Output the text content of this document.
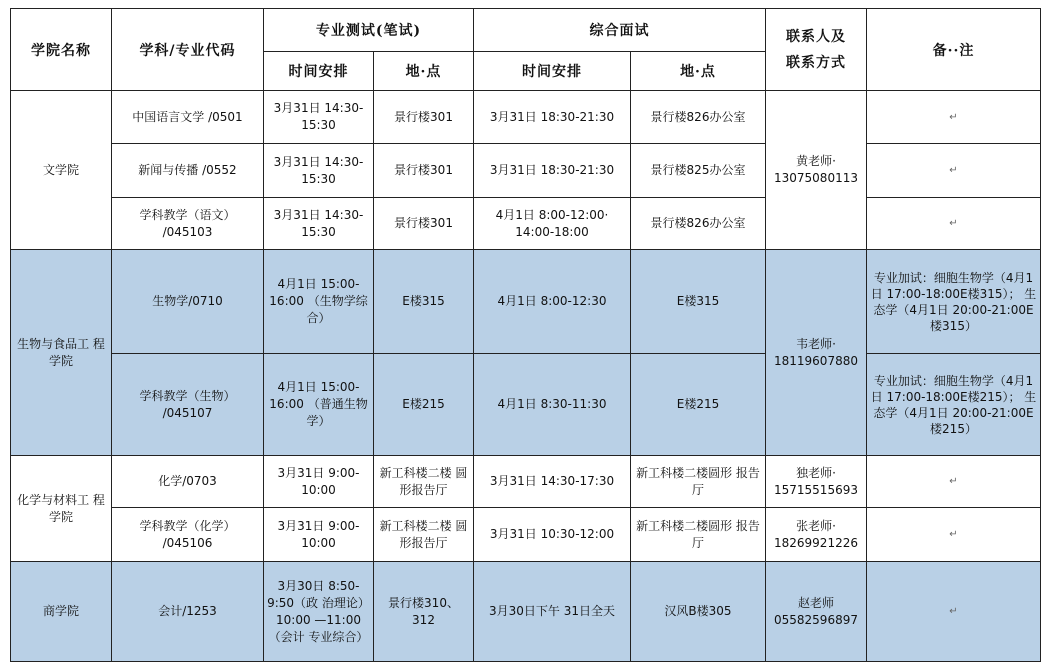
学院名称	学科/专业代码	专业测试(笔试)		综合面试		联系人及
联系方式	备··注
		时间安排	地·点	时间安排	地·点		
文学院	中国语言文学 /0501	3月31日 14:30-15:30	景行楼301	3月31日 18:30-21:30	景行楼826办公室	黄老师· 13075080113	↵
	新闻与传播 /0552	3月31日 14:30-15:30	景行楼301	3月31日 18:30-21:30	景行楼825办公室		↵
	学科教学（语文） /045103	3月31日 14:30-15:30	景行楼301	4月1日 8:00-12:00· 14:00-18:00	景行楼826办公室		↵
生物与食品工 程学院	生物学/0710	4月1日 15:00-16:00 （生物学综合）	E楼315	4月1日 8:00-12:30	E楼315	韦老师· 18119607880	专业加试：细胞生物学（4月1日 17:00-18:00E楼315）； 生态学（4月1日 20:00-21:00E楼315）
	学科教学（生物） /045107	4月1日 15:00-16:00 （普通生物学）	E楼215	4月1日 8:30-11:30	E楼215		专业加试：细胞生物学（4月1日 17:00-18:00E楼215）； 生态学（4月1日 20:00-21:00E楼215）
化学与材料工 程学院	化学/0703	3月31日 9:00-10:00	新工科楼二楼 圆形报告厅	3月31日 14:30-17:30	新工科楼二楼圆形 报告厅	独老师· 15715515693	↵
	学科教学（化学） /045106	3月31日 9:00-10:00	新工科楼二楼 圆形报告厅	3月31日 10:30-12:00	新工科楼二楼圆形 报告厅	张老师· 18269921226	↵
商学院	会计/1253	3月30日 8:50-9:50（政 治理论）10:00 —11:00（会计 专业综合）	景行楼310、 312	3月30日下午 31日全天	汉风B楼305	赵老师 05582596897	↵
